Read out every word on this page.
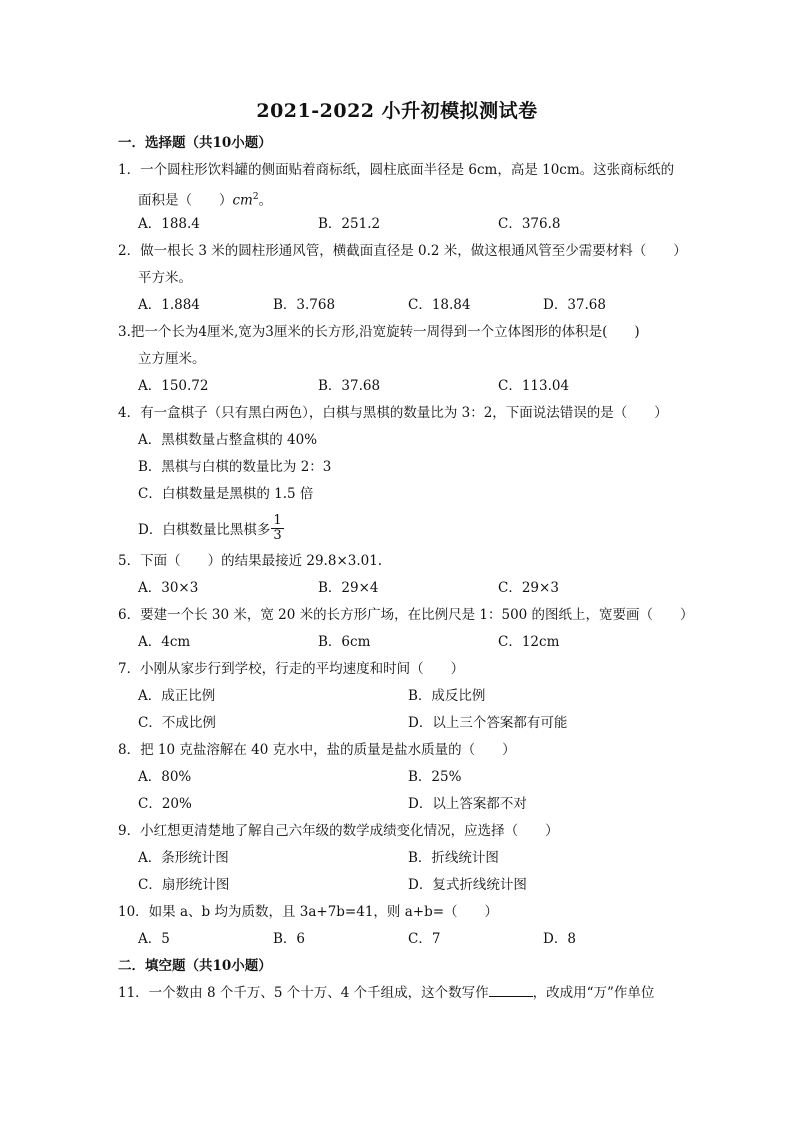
2021-2022 小升初模拟测试卷
一．选择题（共10小题）
1．一个圆柱形饮料罐的侧面贴着商标纸，圆柱底面半径是 6cm，高是 10cm。这张商标纸的
面积是（　　）$cm^2$。
A．188.4	B．251.2	C．376.8
2．做一根长 3 米的圆柱形通风管，横截面直径是 0.2 米，做这根通风管至少需要材料（　　）
平方米。
A．1.884	B．3.768	C．18.84	D．37.68
3.把一个长为4厘米,宽为3厘米的长方形,沿宽旋转一周得到一个立体图形的体积是(　　)
立方厘米。
A．150.72	B．37.68	C．113.04
4．有一盒棋子（只有黑白两色），白棋与黑棋的数量比为 3：2，下面说法错误的是（　　）
A．黑棋数量占整盒棋的 40%
B．黑棋与白棋的数量比为 2：3
C．白棋数量是黑棋的 1.5 倍
D．白棋数量比黑棋多 $\frac{1}{3}$
5．下面（　　）的结果最接近 29.8×3.01.
A．30×3	B．29×4	C．29×3
6．要建一个长 30 米，宽 20 米的长方形广场，在比例尺是 1：500 的图纸上，宽要画（　　）
A．4cm	B．6cm	C．12cm
7．小刚从家步行到学校，行走的平均速度和时间（　　）
A．成正比例	B．成反比例
C．不成比例	D．以上三个答案都有可能
8．把 10 克盐溶解在 40 克水中，盐的质量是盐水质量的（　　）
A．80%	B．25%
C．20%	D．以上答案都不对
9．小红想更清楚地了解自己六年级的数学成绩变化情况，应选择（　　）
A．条形统计图	B．折线统计图
C．扇形统计图	D．复式折线统计图
10．如果 a、b 均为质数，且 3a+7b=41，则 a+b=（　　）
A．5	B．6	C．7	D．8
二．填空题（共10小题）
11．一个数由 8 个千万、5 个十万、4 个千组成，这个数写作	，改成用“万”作单位
